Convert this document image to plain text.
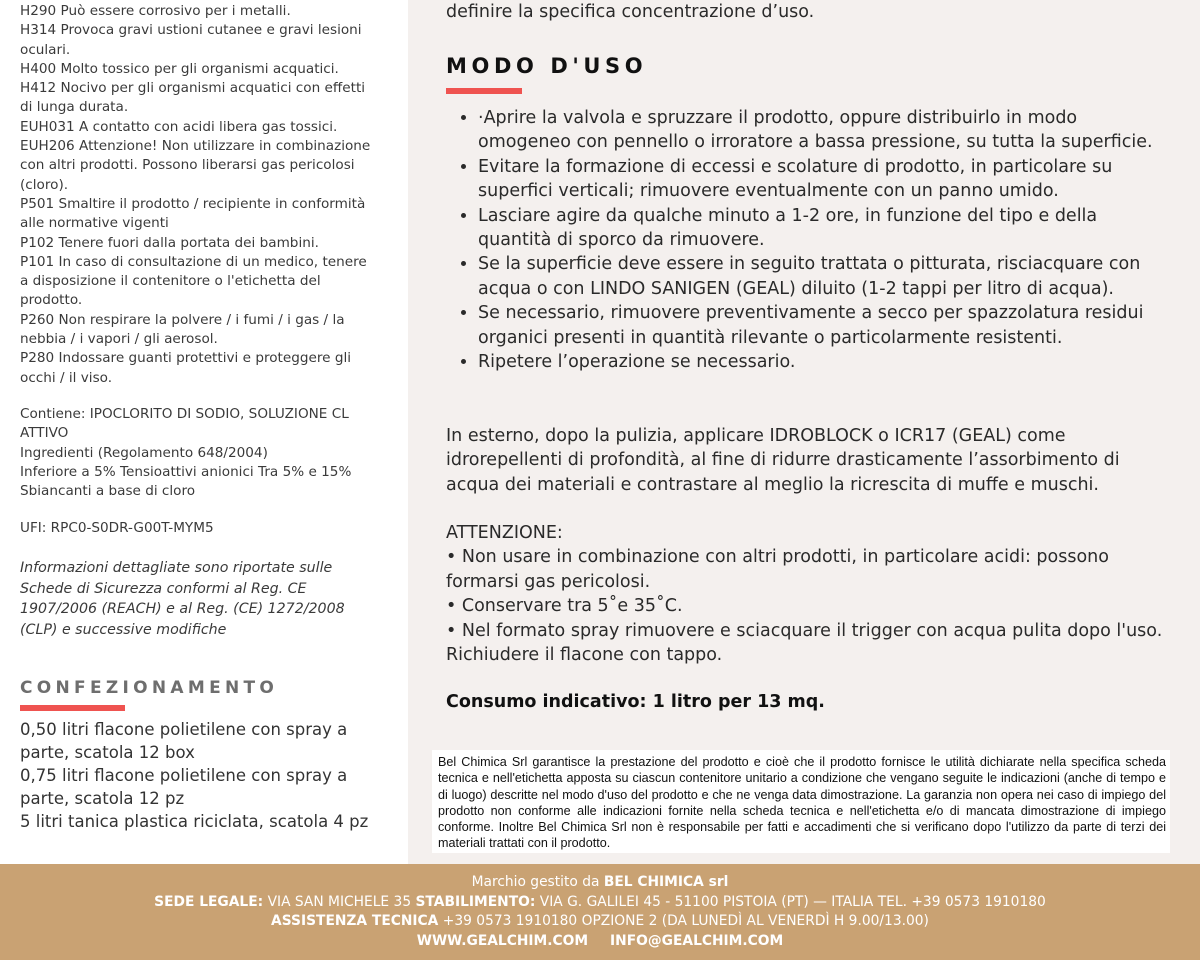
H290 Può essere corrosivo per i metalli.
H314 Provoca gravi ustioni cutanee e gravi lesioni oculari.
H400 Molto tossico per gli organismi acquatici.
H412 Nocivo per gli organismi acquatici con effetti di lunga durata.
EUH031 A contatto con acidi libera gas tossici.
EUH206 Attenzione! Non utilizzare in combinazione con altri prodotti. Possono liberarsi gas pericolosi (cloro).
P501 Smaltire il prodotto / recipiente in conformità alle normative vigenti
P102 Tenere fuori dalla portata dei bambini.
P101 In caso di consultazione di un medico, tenere a disposizione il contenitore o l'etichetta del prodotto.
P260 Non respirare la polvere / i fumi / i gas / la nebbia / i vapori / gli aerosol.
P280 Indossare guanti protettivi e proteggere gli occhi / il viso.
Contiene: IPOCLORITO DI SODIO, SOLUZIONE CL ATTIVO
Ingredienti (Regolamento 648/2004)
Inferiore a 5% Tensioattivi anionici Tra 5% e 15%
Sbiancanti a base di cloro
UFI: RPC0-S0DR-G00T-MYM5
Informazioni dettagliate sono riportate sulle Schede di Sicurezza conformi al Reg. CE 1907/2006 (REACH) e al Reg. (CE) 1272/2008 (CLP) e successive modifiche
CONFEZIONAMENTO
0,50 litri flacone polietilene con spray a parte, scatola 12 box
0,75 litri flacone polietilene con spray a parte, scatola 12 pz
5 litri tanica plastica riciclata, scatola 4 pz
definire la specifica concentrazione d’uso.
MODO D'USO
• ·Aprire la valvola e spruzzare il prodotto, oppure distribuirlo in modo omogeneo con pennello o irroratore a bassa pressione, su tutta la superficie.
• Evitare la formazione di eccessi e scolature di prodotto, in particolare su superfici verticali; rimuovere eventualmente con un panno umido.
• Lasciare agire da qualche minuto a 1-2 ore, in funzione del tipo e della quantità di sporco da rimuovere.
• Se la superficie deve essere in seguito trattata o pitturata, risciacquare con acqua o con LINDO SANIGEN (GEAL) diluito (1-2 tappi per litro di acqua).
• Se necessario, rimuovere preventivamente a secco per spazzolatura residui organici presenti in quantità rilevante o particolarmente resistenti.
• Ripetere l’operazione se necessario.
In esterno, dopo la pulizia, applicare IDROBLOCK o ICR17 (GEAL) come idrorepellenti di profondità, al fine di ridurre drasticamente l’assorbimento di acqua dei materiali e contrastare al meglio la ricrescita di muffe e muschi.
ATTENZIONE:
• Non usare in combinazione con altri prodotti, in particolare acidi: possono formarsi gas pericolosi.
• Conservare tra 5˚e 35˚C.
• Nel formato spray rimuovere e sciacquare il trigger con acqua pulita dopo l'uso. Richiudere il flacone con tappo.
Consumo indicativo: 1 litro per 13 mq.
Bel Chimica Srl garantisce la prestazione del prodotto e cioè che il prodotto fornisce le utilità dichiarate nella specifica scheda tecnica e nell'etichetta apposta su ciascun contenitore unitario a condizione che vengano seguite le indicazioni (anche di tempo e di luogo) descritte nel modo d'uso del prodotto e che ne venga data dimostrazione. La garanzia non opera nei caso di impiego del prodotto non conforme alle indicazioni fornite nella scheda tecnica e nell'etichetta e/o di mancata dimostrazione di impiego conforme. Inoltre Bel Chimica Srl non è responsabile per fatti e accadimenti che si verificano dopo l'utilizzo da parte di terzi dei materiali trattati con il prodotto.
Marchio gestito da BEL CHIMICA srl
SEDE LEGALE: VIA SAN MICHELE 35 STABILIMENTO: VIA G. GALILEI 45 - 51100 PISTOIA (PT) — ITALIA TEL. +39 0573 1910180
ASSISTENZA TECNICA +39 0573 1910180 OPZIONE 2 (DA LUNEDÌ AL VENERDÌ H 9.00/13.00)
WWW.GEALCHIM.COM INFO@GEALCHIM.COM
